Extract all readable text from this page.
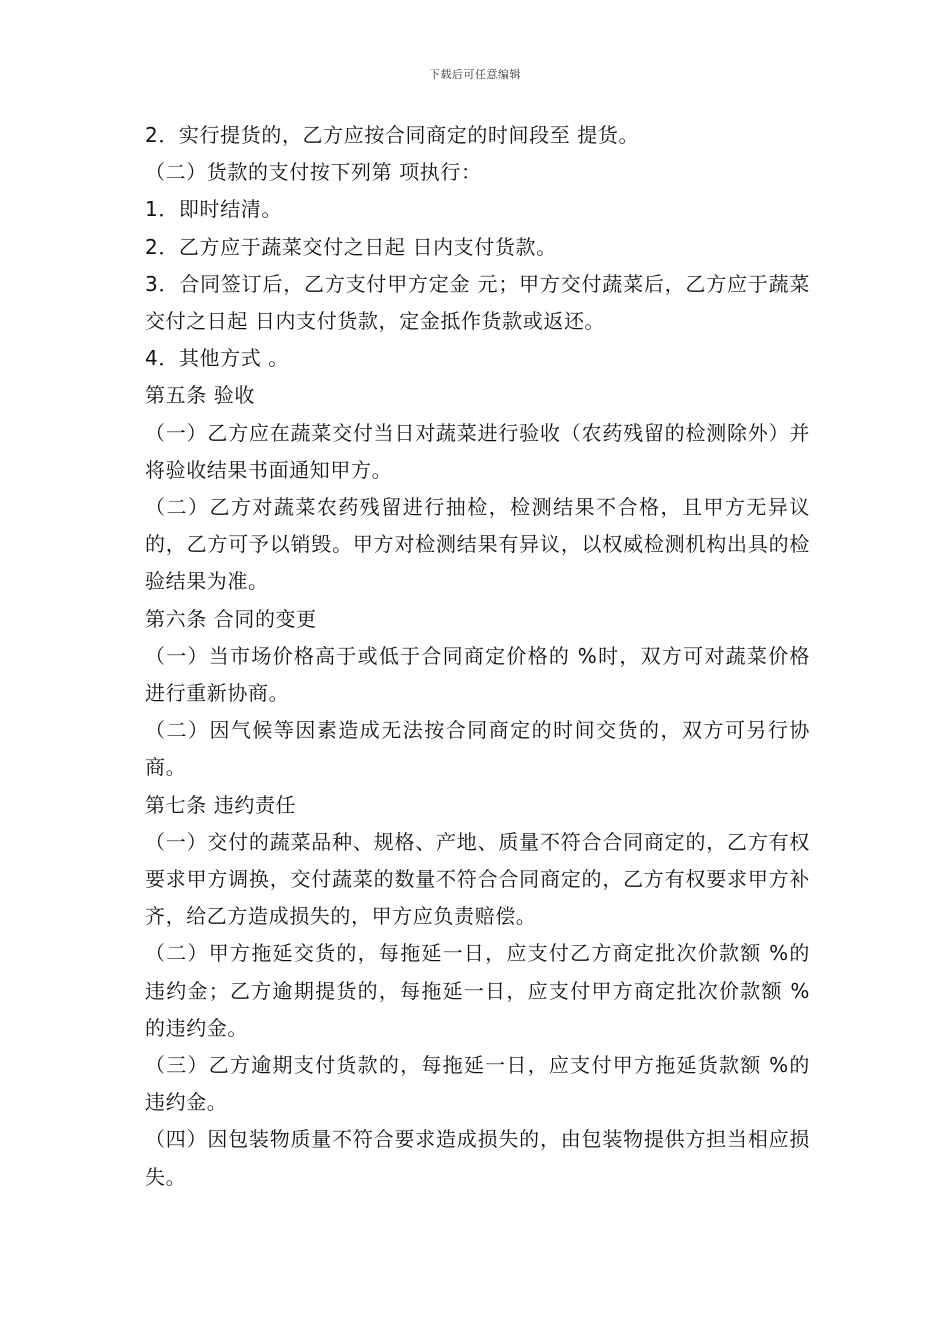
下载后可任意编辑

2．实行提货的，乙方应按合同商定的时间段至 提货。

（二）货款的支付按下列第 项执行：

1．即时结清。

2．乙方应于蔬菜交付之日起 日内支付货款。

3．合同签订后，乙方支付甲方定金 元；甲方交付蔬菜后，乙方应于蔬菜交付之日起 日内支付货款，定金抵作货款或返还。

4．其他方式 。

第五条 验收

（一）乙方应在蔬菜交付当日对蔬菜进行验收（农药残留的检测除外）并将验收结果书面通知甲方。

（二）乙方对蔬菜农药残留进行抽检，检测结果不合格，且甲方无异议的，乙方可予以销毁。甲方对检测结果有异议，以权威检测机构出具的检验结果为准。

第六条 合同的变更

（一）当市场价格高于或低于合同商定价格的 %时，双方可对蔬菜价格进行重新协商。

（二）因气候等因素造成无法按合同商定的时间交货的，双方可另行协商。

第七条 违约责任

（一）交付的蔬菜品种、规格、产地、质量不符合合同商定的，乙方有权要求甲方调换，交付蔬菜的数量不符合合同商定的，乙方有权要求甲方补齐，给乙方造成损失的，甲方应负责赔偿。

（二）甲方拖延交货的，每拖延一日，应支付乙方商定批次价款额 %的违约金；乙方逾期提货的，每拖延一日，应支付甲方商定批次价款额 %的违约金。

（三）乙方逾期支付货款的，每拖延一日，应支付甲方拖延货款额 %的违约金。

（四）因包装物质量不符合要求造成损失的，由包装物提供方担当相应损失。
